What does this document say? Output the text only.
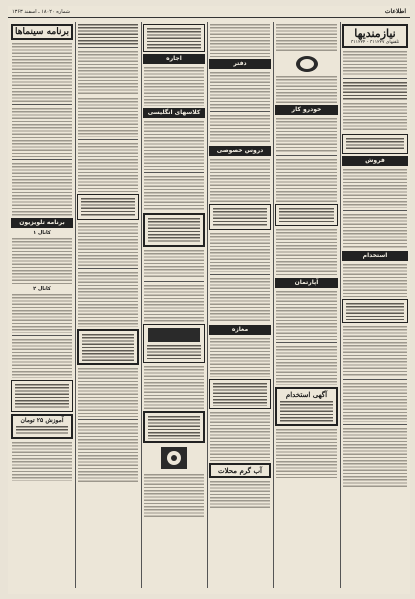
شماره ۱۸۰۲۰ ـ اسفند ۱۳۶۳	اطلاعات
نیازمندیها
تلفنهای ۳۱۱۲۲۷ - ۳۱۱۲۲۴
فروش
استخدام
خودرو کار
آپارتمان
آگهی استخدام
دفتر
دروس خصوصی
مغازه
آب گرم محلات
اجاره
کلاسهای انگلیسی
برنامه سینماها
برنامه تلویزیون
کانال ۱
کانال ۲
آموزش ۲۵ تومان
